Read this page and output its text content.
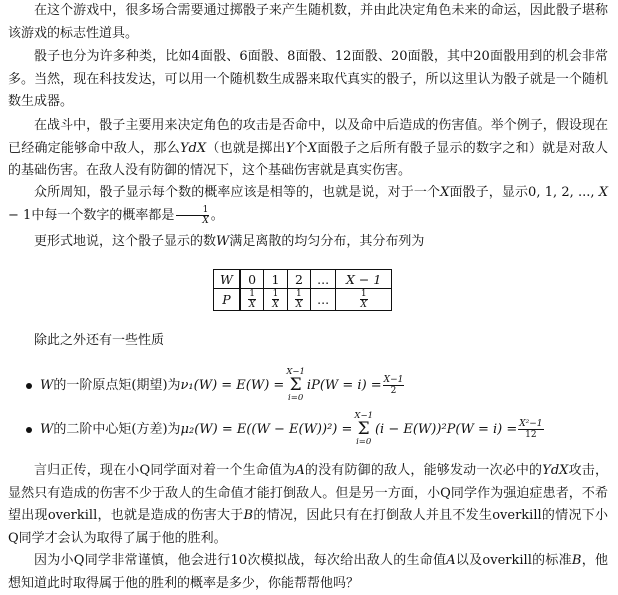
在这个游戏中，很多场合需要通过掷骰子来产生随机数，并由此决定角色未来的命运，因此骰子堪称该游戏的标志性道具。

骰子也分为许多种类，比如4面骰、6面骰、8面骰、12面骰、20面骰，其中20面骰用到的机会非常多。当然，现在科技发达，可以用一个随机数生成器来取代真实的骰子，所以这里认为骰子就是一个随机数生成器。

在战斗中，骰子主要用来决定角色的攻击是否命中，以及命中后造成的伤害值。举个例子，假设现在已经确定能够命中敌人，那么YdX（也就是掷出Y个X面骰子之后所有骰子显示的数字之和）就是对敌人的基础伤害。在敌人没有防御的情况下，这个基础伤害就是真实伤害。

众所周知，骰子显示每个数的概率应该是相等的，也就是说，对于一个X面骰子，显示0, 1, 2, ..., X − 1中每一个数字的概率都是 $\frac{1}{X}$ 。

更形式地说，这个骰子显示的数W满足离散的均匀分布，其分布列为

W	0	1	2	...	X − 1
P	$\frac{1}{X}$	$\frac{1}{X}$	$\frac{1}{X}$	...	$\frac{1}{X}$

除此之外还有一些性质

W 的一阶原点矩(期望)为 ν₁(W) = E(W) =
X−1
Σ
i=0
$iP(W = i) = \frac{X-1}{2}$
W 的二阶中心矩(方差)为 μ₂(W) = E((W − E(W))²) =
X−1
Σ
i=0
$(i - E(W))^2P(W = i) = \frac{\text{X²−1}}{12}$

言归正传，现在小Q同学面对着一个生命值为A的没有防御的敌人，能够发动一次必中的YdX攻击，显然只有造成的伤害不少于敌人的生命值才能打倒敌人。但是另一方面，小Q同学作为强迫症患者，不希望出现overkill，也就是造成的伤害大于B的情况，因此只有在打倒敌人并且不发生overkill的情况下小Q同学才会认为取得了属于他的胜利。

因为小Q同学非常谨慎，他会进行10次模拟战，每次给出敌人的生命值A以及overkill的标准B，他想知道此时取得属于他的胜利的概率是多少，你能帮帮他吗？
